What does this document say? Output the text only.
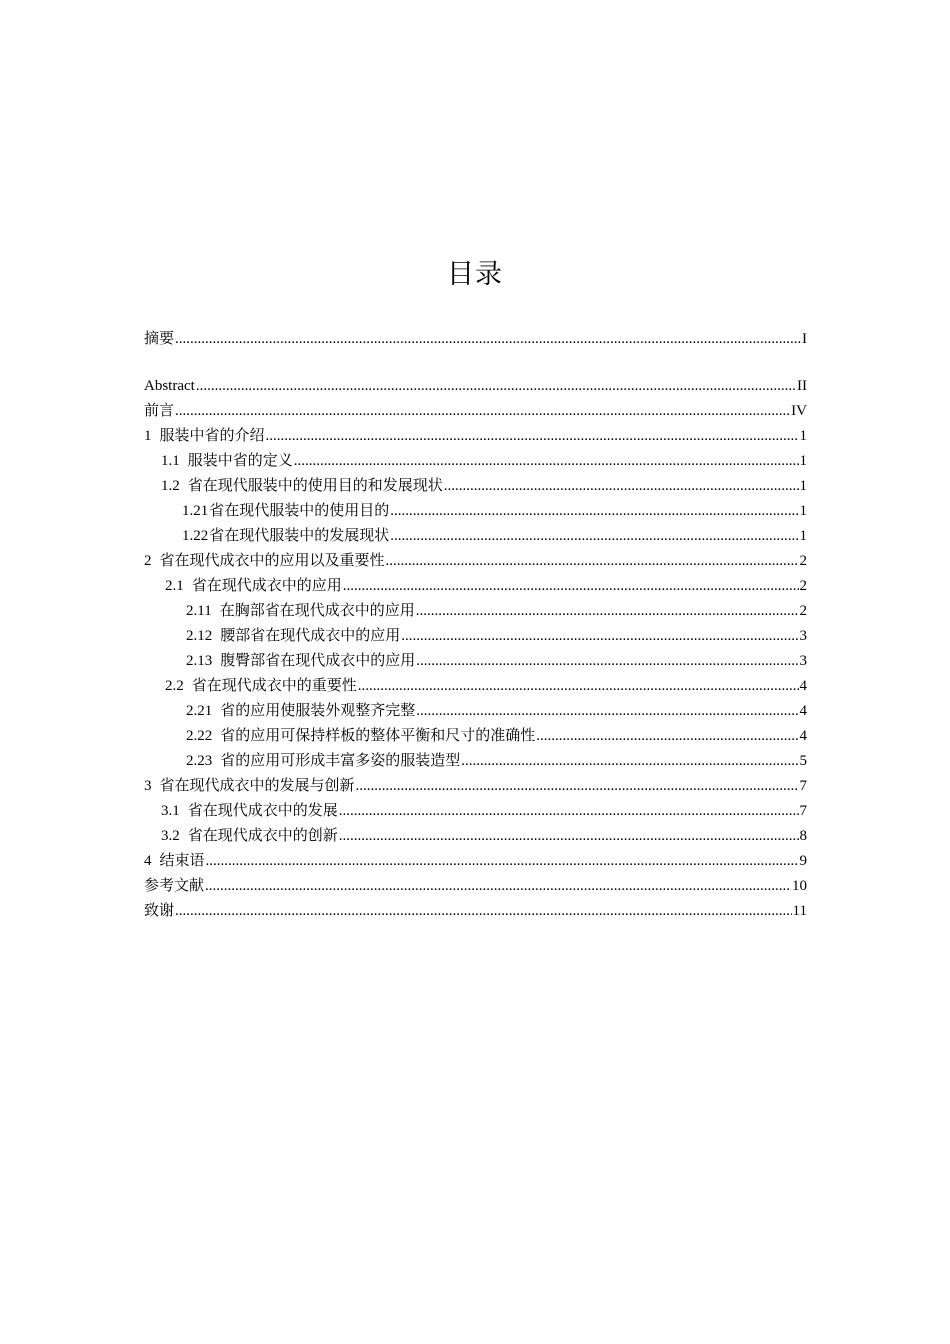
目录
摘要 .....	I
Abstract .....	II
前言 .....	IV
1 服装中省的介绍 .....	1
1.1 服装中省的定义 .....	1
1.2 省在现代服装中的使用目的和发展现状 .....	1
1.21省在现代服装中的使用目的 .....	1
1.22省在现代服装中的发展现状 .....	1
2 省在现代成衣中的应用以及重要性 .....	2
2.1 省在现代成衣中的应用 .....	2
2.11 在胸部省在现代成衣中的应用 .....	2
2.12 腰部省在现代成衣中的应用 .....	3
2.13 腹臀部省在现代成衣中的应用 .....	3
2.2 省在现代成衣中的重要性 .....	4
2.21 省的应用使服装外观整齐完整 .....	4
2.22 省的应用可保持样板的整体平衡和尺寸的准确性 .....	4
2.23 省的应用可形成丰富多姿的服装造型 .....	5
3 省在现代成衣中的发展与创新 .....	7
3.1 省在现代成衣中的发展 .....	7
3.2 省在现代成衣中的创新 .....	8
4 结束语 .....	9
参考文献 .....	10
致谢 .....	11
